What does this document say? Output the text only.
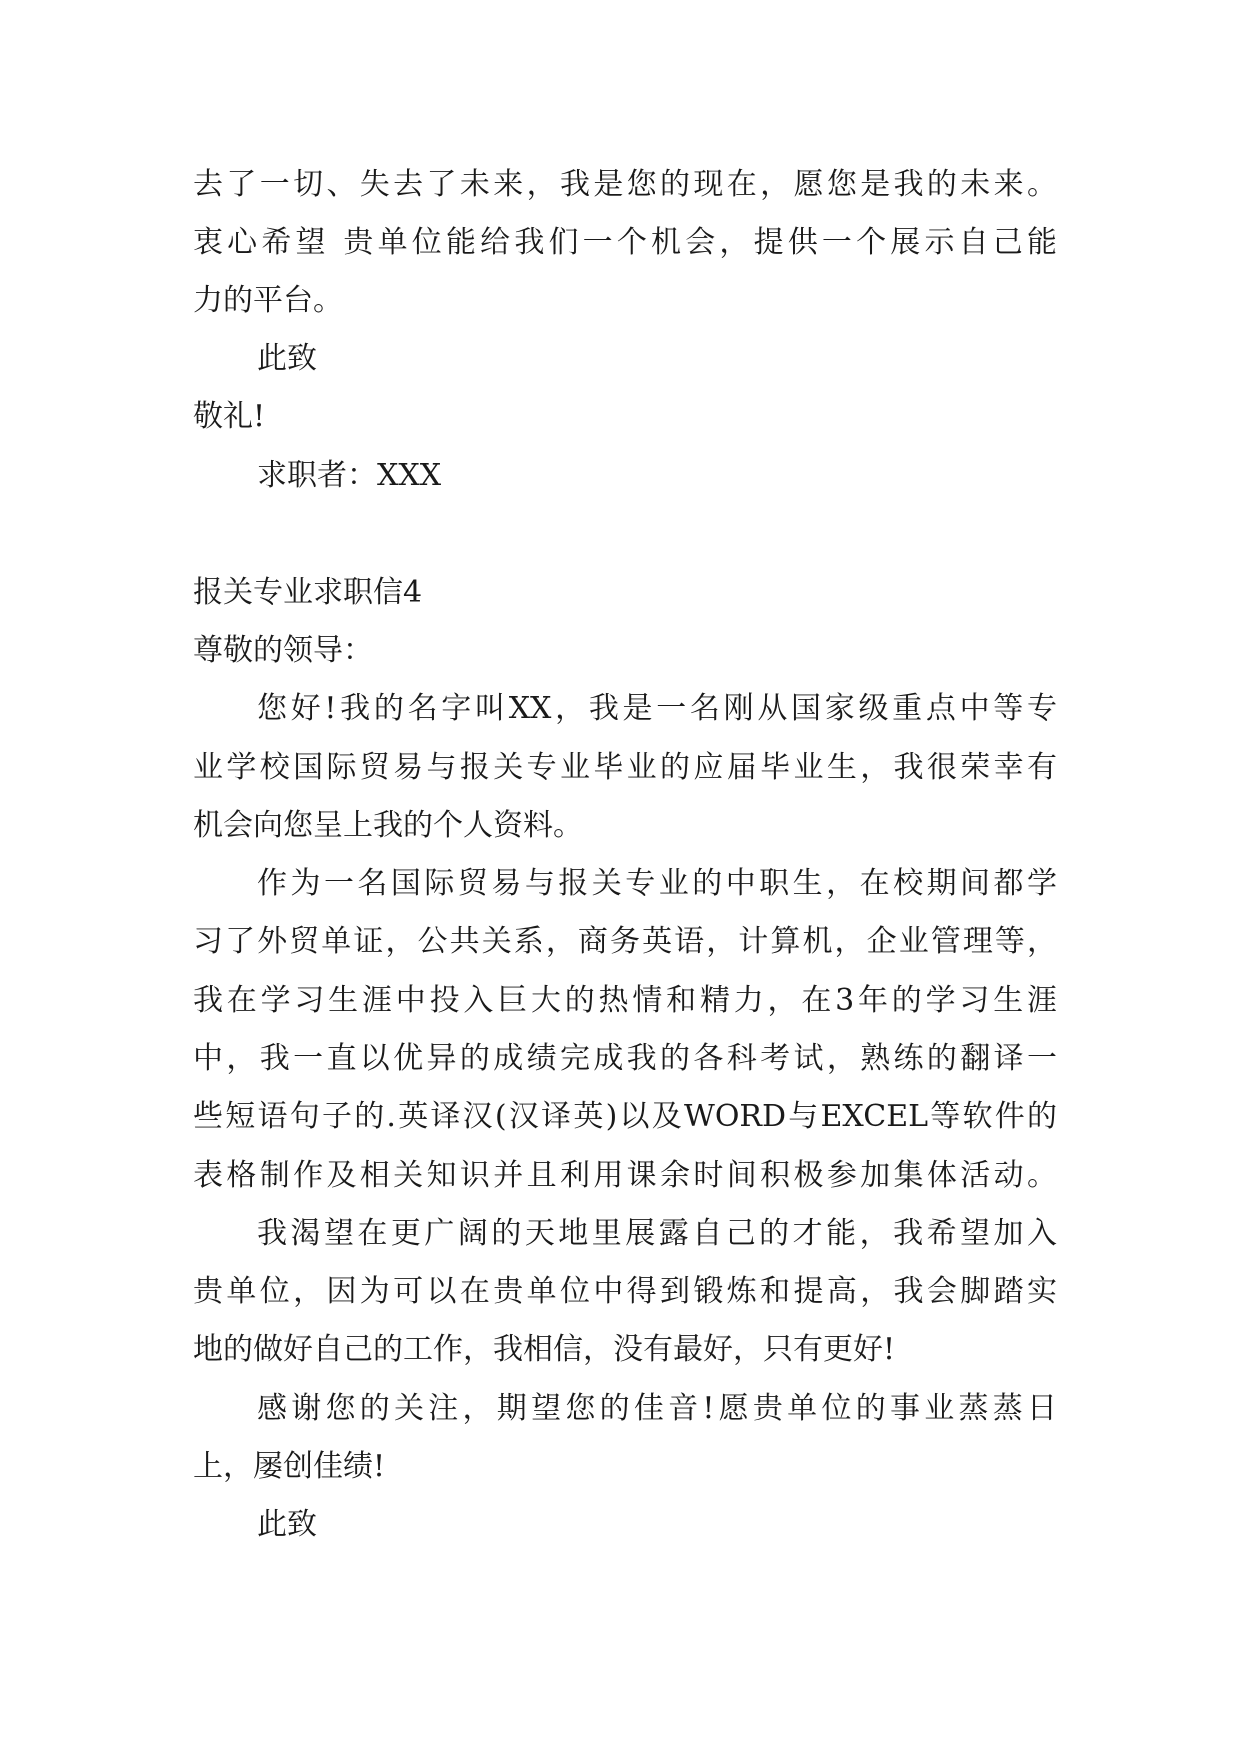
去了一切、失去了未来，我是您的现在，愿您是我的未来。
衷心希望 贵单位能给我们一个机会，提供一个展示自己能
力的平台。
此致
敬礼!
求职者：XXX
报关专业求职信4
尊敬的领导：
您好!我的名字叫XX，我是一名刚从国家级重点中等专
业学校国际贸易与报关专业毕业的应届毕业生，我很荣幸有
机会向您呈上我的个人资料。
作为一名国际贸易与报关专业的中职生，在校期间都学
习了外贸单证，公共关系，商务英语，计算机，企业管理等，
我在学习生涯中投入巨大的热情和精力，在3年的学习生涯
中，我一直以优异的成绩完成我的各科考试，熟练的翻译一
些短语句子的.英译汉(汉译英)以及WORD与EXCEL等软件的
表格制作及相关知识并且利用课余时间积极参加集体活动。
我渴望在更广阔的天地里展露自己的才能，我希望加入
贵单位，因为可以在贵单位中得到锻炼和提高，我会脚踏实
地的做好自己的工作，我相信，没有最好，只有更好!
感谢您的关注，期望您的佳音!愿贵单位的事业蒸蒸日
上，屡创佳绩!
此致
